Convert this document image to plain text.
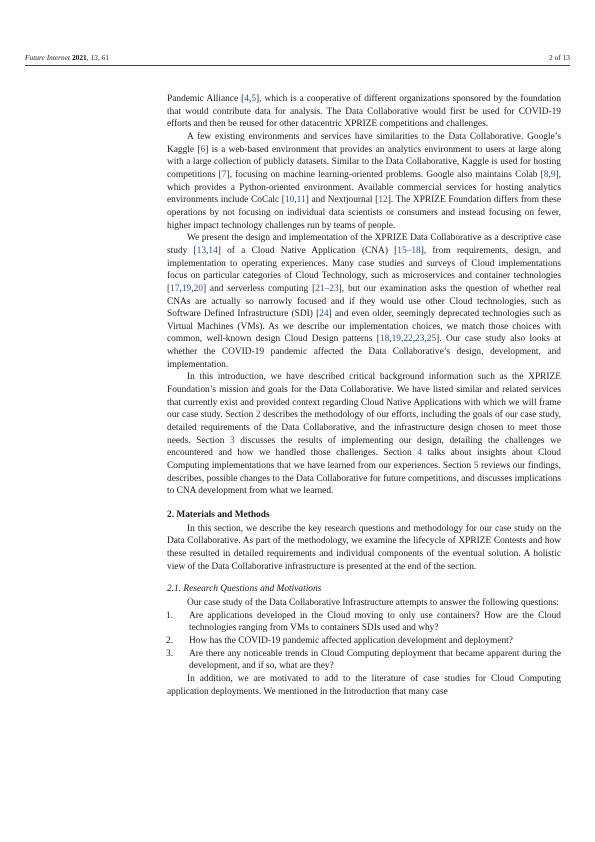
Future Internet 2021, 13, 61	2 of 13

Pandemic Alliance [4,5], which is a cooperative of different organizations sponsored by the foundation that would contribute data for analysis. The Data Collaborative would first be used for COVID-19 efforts and then be reused for other datacentric XPRIZE competitions and challenges.

A few existing environments and services have similarities to the Data Collaborative. Google’s Kaggle [6] is a web-based environment that provides an analytics environment to users at large along with a large collection of publicly datasets. Similar to the Data Collaborative, Kaggle is used for hosting competitions [7], focusing on machine learning-oriented problems. Google also maintains Colab [8,9], which provides a Python-oriented environment. Available commercial services for hosting analytics environments include CoCalc [10,11] and Nextjournal [12]. The XPRIZE Foundation differs from these operations by not focusing on individual data scientists or consumers and instead focusing on fewer, higher impact technology challenges run by teams of people.

We present the design and implementation of the XPRIZE Data Collaborative as a descriptive case study [13,14] of a Cloud Native Application (CNA) [15–18], from requirements, design, and implementation to operating experiences. Many case studies and surveys of Cloud implementations focus on particular categories of Cloud Technology, such as microservices and container technologies [17,19,20] and serverless computing [21–23], but our examination asks the question of whether real CNAs are actually so narrowly focused and if they would use other Cloud technologies, such as Software Defined Infrastructure (SDI) [24] and even older, seemingly deprecated technologies such as Virtual Machines (VMs). As we describe our implementation choices, we match those choices with common, well-known design Cloud Design patterns [18,19,22,23,25]. Our case study also looks at whether the COVID-19 pandemic affected the Data Collaborative’s design, development, and implementation.

In this introduction, we have described critical background information such as the XPRIZE Foundation’s mission and goals for the Data Collaborative. We have listed similar and related services that currently exist and provided context regarding Cloud Native Applications with which we will frame our case study. Section 2 describes the methodology of our efforts, including the goals of our case study, detailed requirements of the Data Collaborative, and the infrastructure design chosen to meet those needs. Section 3 discusses the results of implementing our design, detailing the challenges we encountered and how we handled those challenges. Section 4 talks about insights about Cloud Computing implementations that we have learned from our experiences. Section 5 reviews our findings, describes, possible changes to the Data Collaborative for future competitions, and discusses implications to CNA development from what we learned.

2. Materials and Methods

In this section, we describe the key research questions and methodology for our case study on the Data Collaborative. As part of the methodology, we examine the lifecycle of XPRIZE Contests and how these resulted in detailed requirements and individual components of the eventual solution. A holistic view of the Data Collaborative infrastructure is presented at the end of the section.

2.1. Research Questions and Motivations

Our case study of the Data Collaborative Infrastructure attempts to answer the following questions:

1. Are applications developed in the Cloud moving to only use containers? How are the Cloud technologies ranging from VMs to containers SDIs used and why?
2. How has the COVID-19 pandemic affected application development and deployment?
3. Are there any noticeable trends in Cloud Computing deployment that became apparent during the development, and if so, what are they?

In addition, we are motivated to add to the literature of case studies for Cloud Computing application deployments. We mentioned in the Introduction that many case
